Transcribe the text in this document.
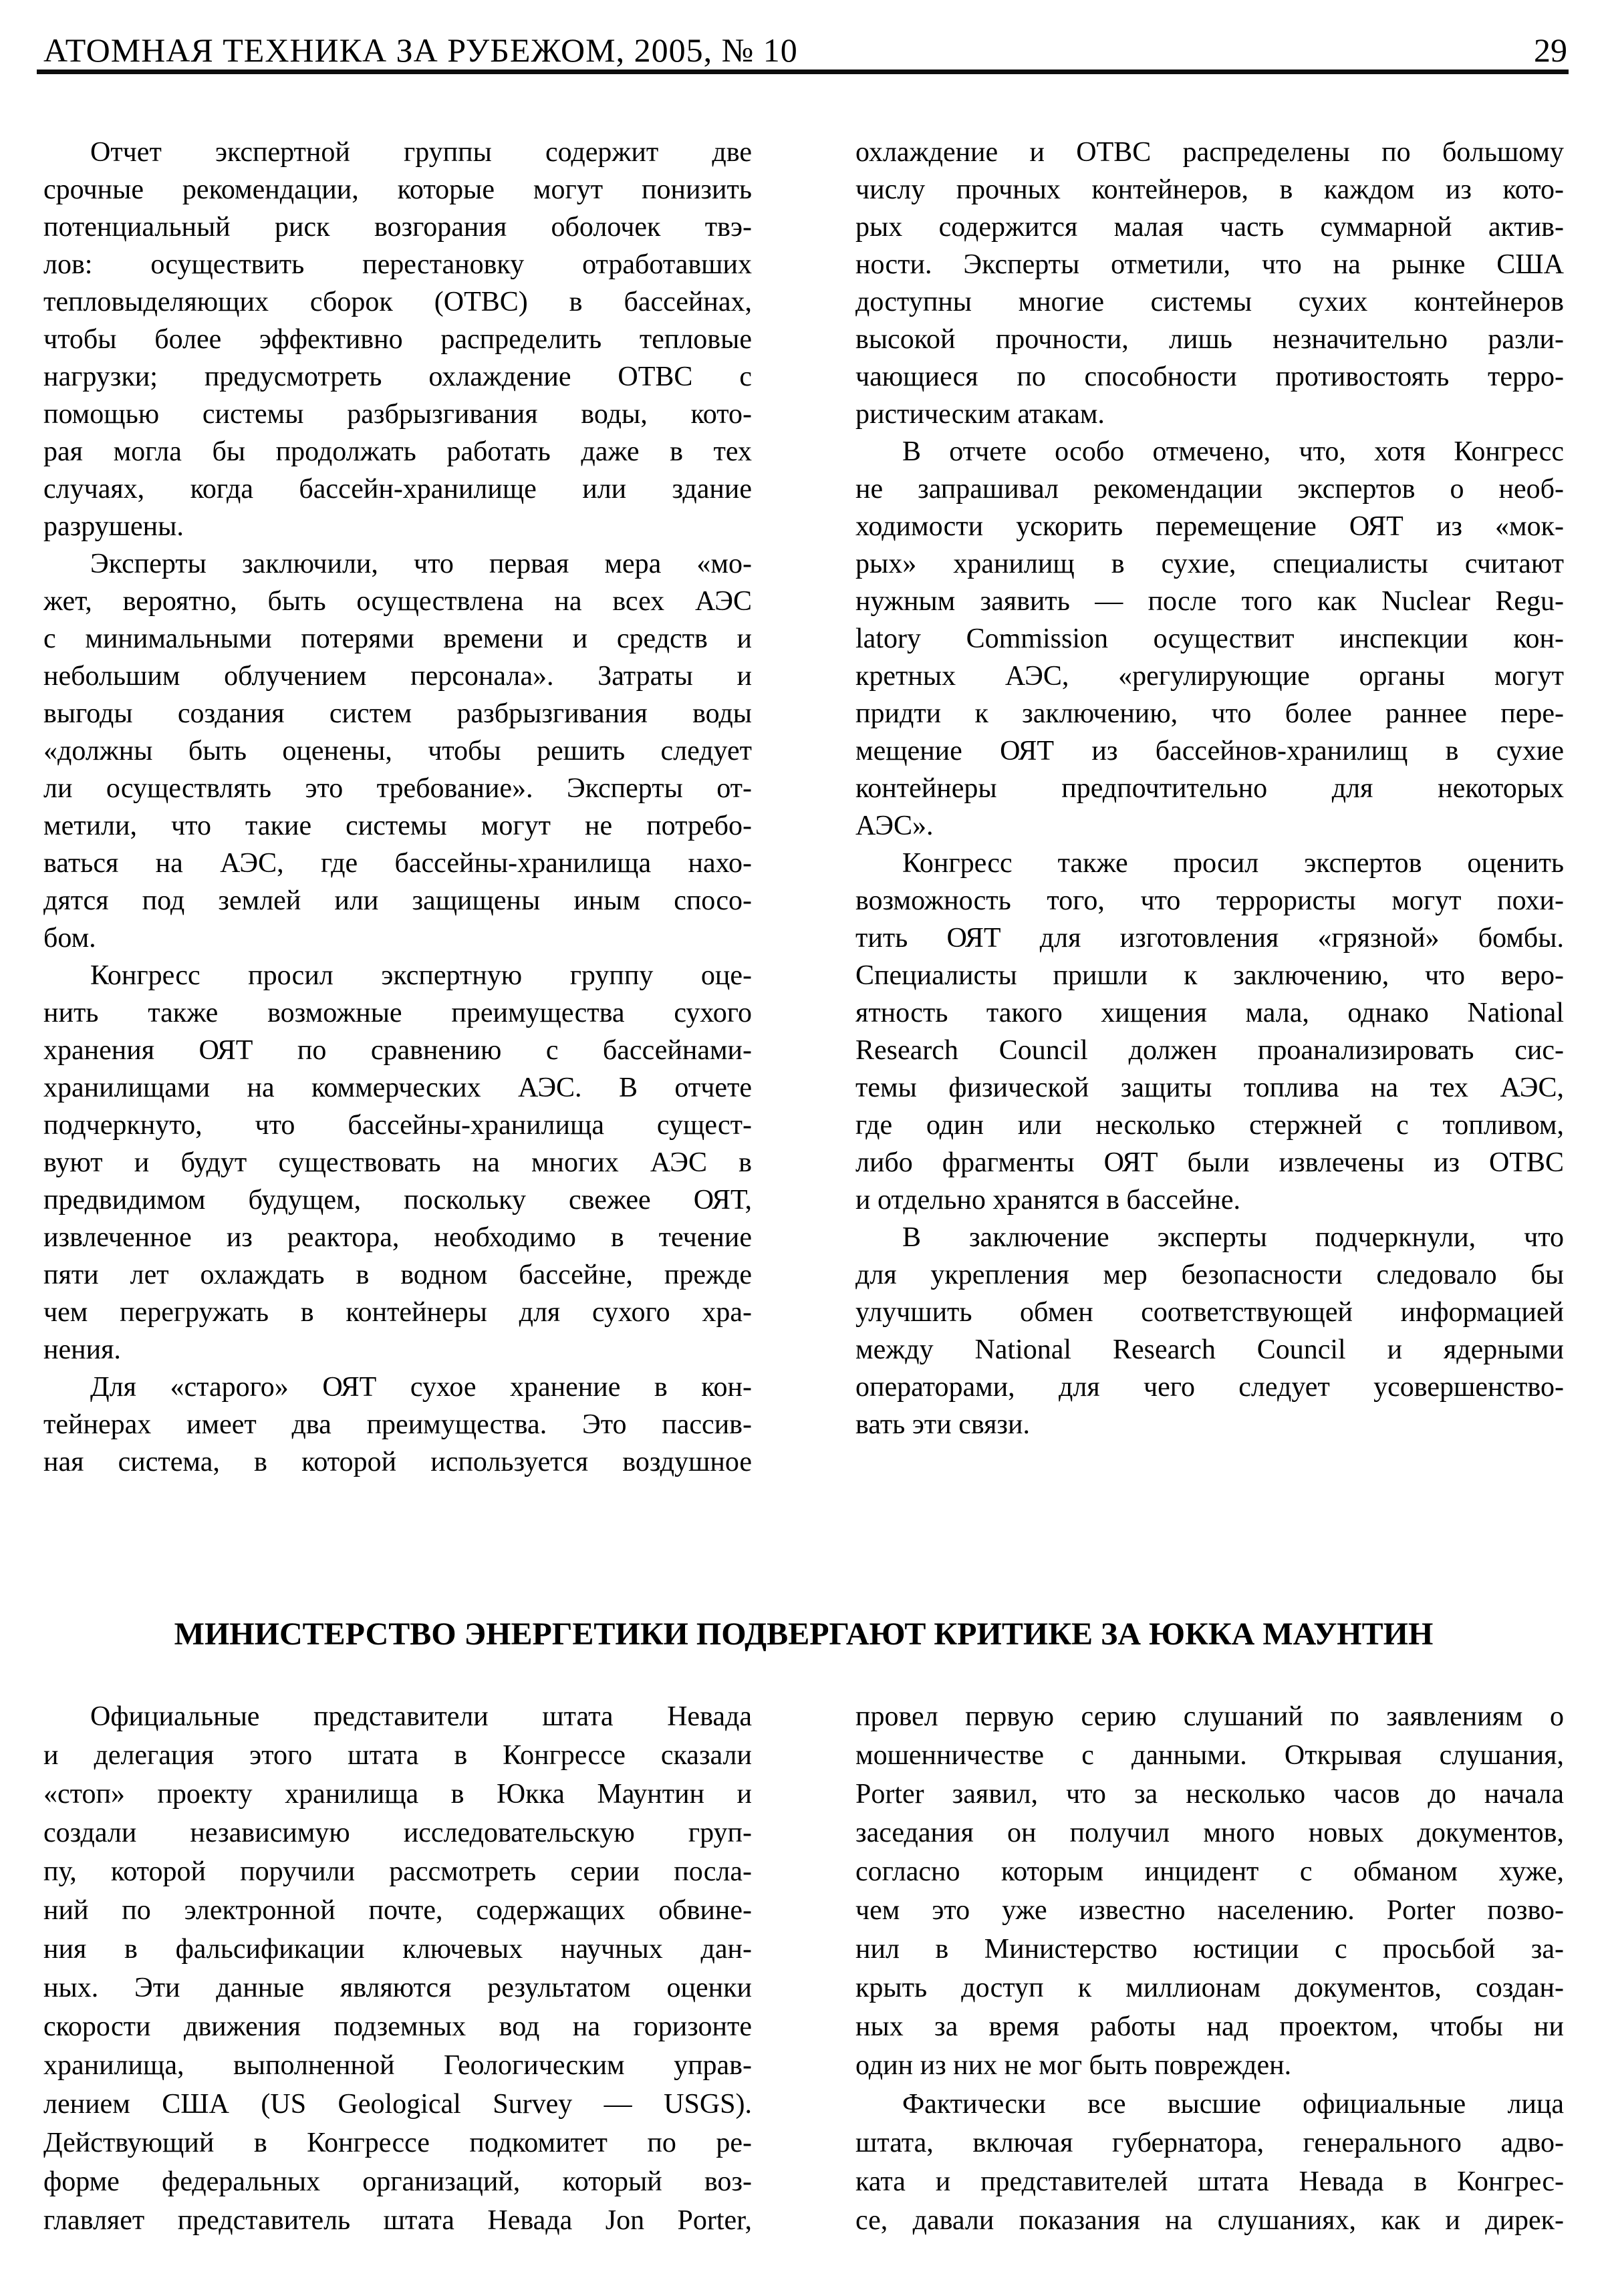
АТОМНАЯ ТЕХНИКА ЗА РУБЕЖОМ, 2005, № 10	29
Отчет экспертной группы содержит две
срочные рекомендации, которые могут понизить
потенциальный риск возгорания оболочек твэ-
лов: осуществить перестановку отработавших
тепловыделяющих сборок (ОТВС) в бассейнах,
чтобы более эффективно распределить тепловые
нагрузки; предусмотреть охлаждение ОТВС с
помощью системы разбрызгивания воды, кото-
рая могла бы продолжать работать даже в тех
случаях, когда бассейн-хранилище или здание
разрушены.
Эксперты заключили, что первая мера «мо-
жет, вероятно, быть осуществлена на всех АЭС
с минимальными потерями времени и средств и
небольшим облучением персонала». Затраты и
выгоды создания систем разбрызгивания воды
«должны быть оценены, чтобы решить следует
ли осуществлять это требование». Эксперты от-
метили, что такие системы могут не потребо-
ваться на АЭС, где бассейны-хранилища нахо-
дятся под землей или защищены иным спосо-
бом.
Конгресс просил экспертную группу оце-
нить также возможные преимущества сухого
хранения ОЯТ по сравнению с бассейнами-
хранилищами на коммерческих АЭС. В отчете
подчеркнуто, что бассейны-хранилища сущест-
вуют и будут существовать на многих АЭС в
предвидимом будущем, поскольку свежее ОЯТ,
извлеченное из реактора, необходимо в течение
пяти лет охлаждать в водном бассейне, прежде
чем перегружать в контейнеры для сухого хра-
нения.
Для «старого» ОЯТ сухое хранение в кон-
тейнерах имеет два преимущества. Это пассив-
ная система, в которой используется воздушное
охлаждение и ОТВС распределены по большому
числу прочных контейнеров, в каждом из кото-
рых содержится малая часть суммарной актив-
ности. Эксперты отметили, что на рынке США
доступны многие системы сухих контейнеров
высокой прочности, лишь незначительно разли-
чающиеся по способности противостоять терро-
ристическим атакам.
В отчете особо отмечено, что, хотя Конгресс
не запрашивал рекомендации экспертов о необ-
ходимости ускорить перемещение ОЯТ из «мок-
рых» хранилищ в сухие, специалисты считают
нужным заявить — после того как Nuclear Regu-
latory Commission осуществит инспекции кон-
кретных АЭС, «регулирующие органы могут
придти к заключению, что более раннее пере-
мещение ОЯТ из бассейнов-хранилищ в сухие
контейнеры предпочтительно для некоторых
АЭС».
Конгресс также просил экспертов оценить
возможность того, что террористы могут похи-
тить ОЯТ для изготовления «грязной» бомбы.
Специалисты пришли к заключению, что веро-
ятность такого хищения мала, однако National
Research Council должен проанализировать сис-
темы физической защиты топлива на тех АЭС,
где один или несколько стержней с топливом,
либо фрагменты ОЯТ были извлечены из ОТВС
и отдельно хранятся в бассейне.
В заключение эксперты подчеркнули, что
для укрепления мер безопасности следовало бы
улучшить обмен соответствующей информацией
между National Research Council и ядерными
операторами, для чего следует усовершенство-
вать эти связи.
МИНИСТЕРСТВО ЭНЕРГЕТИКИ ПОДВЕРГАЮТ КРИТИКЕ ЗА ЮККА МАУНТИН
Официальные представители штата Невада
и делегация этого штата в Конгрессе сказали
«стоп» проекту хранилища в Юкка Маунтин и
создали независимую исследовательскую груп-
пу, которой поручили рассмотреть серии посла-
ний по электронной почте, содержащих обвине-
ния в фальсификации ключевых научных дан-
ных. Эти данные являются результатом оценки
скорости движения подземных вод на горизонте
хранилища, выполненной Геологическим управ-
лением США (US Geological Survey — USGS).
Действующий в Конгрессе подкомитет по ре-
форме федеральных организаций, который воз-
главляет представитель штата Невада Jon Porter,
провел первую серию слушаний по заявлениям о
мошенничестве с данными. Открывая слушания,
Porter заявил, что за несколько часов до начала
заседания он получил много новых документов,
согласно которым инцидент с обманом хуже,
чем это уже известно населению. Porter позво-
нил в Министерство юстиции с просьбой за-
крыть доступ к миллионам документов, создан-
ных за время работы над проектом, чтобы ни
один из них не мог быть поврежден.
Фактически все высшие официальные лица
штата, включая губернатора, генерального адво-
ката и представителей штата Невада в Конгрес-
се, давали показания на слушаниях, как и дирек-
